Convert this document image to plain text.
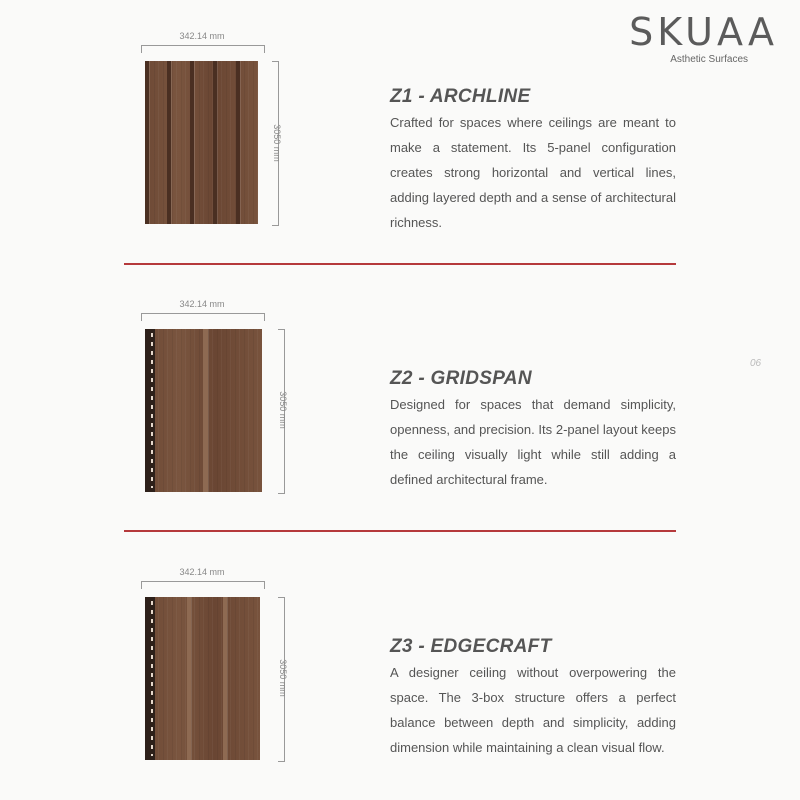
SKUAA
Asthetic Surfaces
06
342.14 mm
3050 mm
Z1 - ARCHLINE
Crafted for spaces where ceilings are meant to make a statement. Its 5-panel configuration creates strong horizontal and vertical lines, adding layered depth and a sense of architectural richness.
342.14 mm
3050 mm
Z2 - GRIDSPAN
Designed for spaces that demand simplicity, openness, and precision. Its 2-panel layout keeps the ceiling visually light while still adding a defined architectural frame.
342.14 mm
3050 mm
Z3 - EDGECRAFT
A designer ceiling without overpowering the space. The 3-box structure offers a perfect balance between depth and simplicity, adding dimension while maintaining a clean visual flow.
